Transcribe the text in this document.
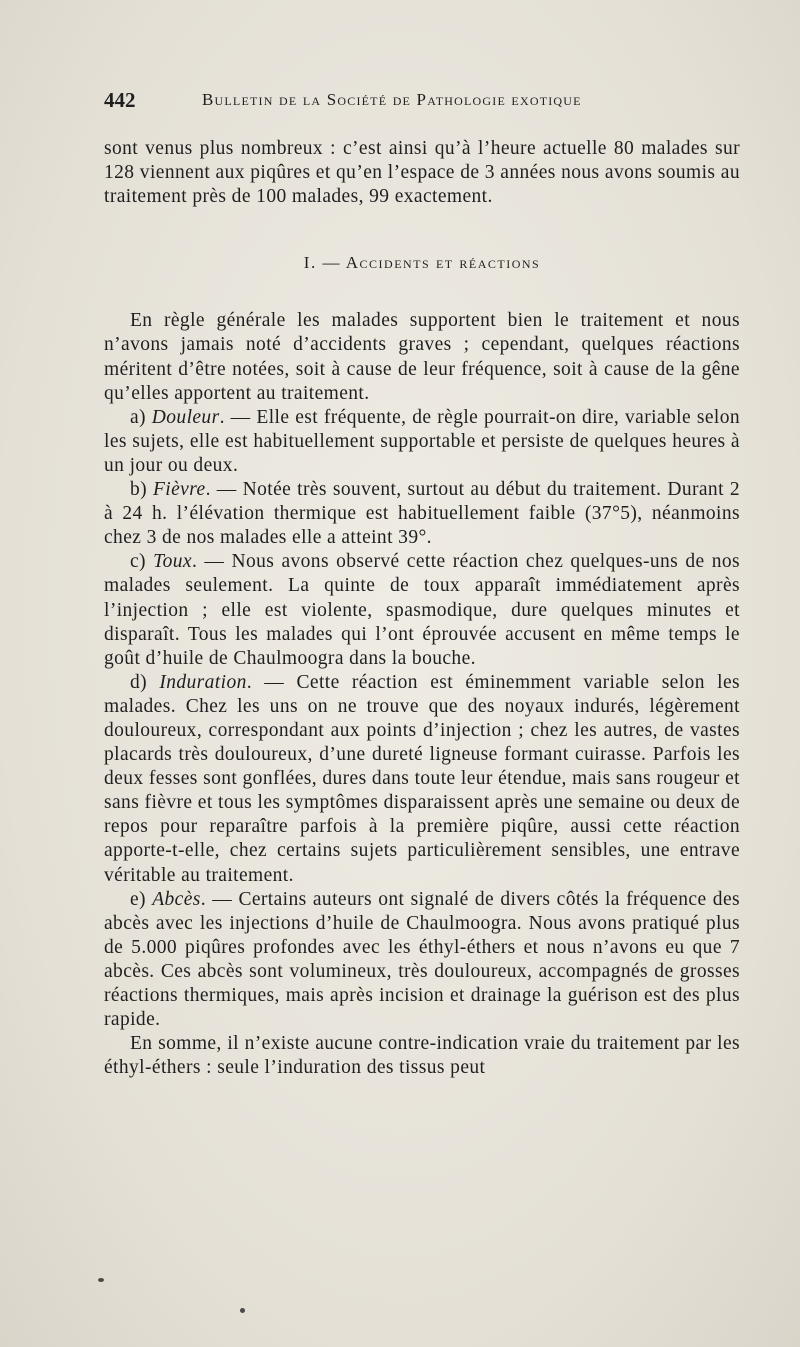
442	Bulletin de la Société de Pathologie exotique

sont venus plus nombreux : c’est ainsi qu’à l’heure actuelle 80 malades sur 128 viennent aux piqûres et qu’en l’espace de 3 années nous avons soumis au traitement près de 100 malades, 99 exactement.

I. — Accidents et réactions

En règle générale les malades supportent bien le traitement et nous n’avons jamais noté d’accidents graves ; cependant, quelques réactions méritent d’être notées, soit à cause de leur fréquence, soit à cause de la gêne qu’elles apportent au traitement.

a) Douleur. — Elle est fréquente, de règle pourrait-on dire, variable selon les sujets, elle est habituellement supportable et persiste de quelques heures à un jour ou deux.

b) Fièvre. — Notée très souvent, surtout au début du traitement. Durant 2 à 24 h. l’élévation thermique est habituellement faible (37°5), néanmoins chez 3 de nos malades elle a atteint 39°.

c) Toux. — Nous avons observé cette réaction chez quelques-uns de nos malades seulement. La quinte de toux apparaît immédiatement après l’injection ; elle est violente, spasmodique, dure quelques minutes et disparaît. Tous les malades qui l’ont éprouvée accusent en même temps le goût d’huile de Chaulmoogra dans la bouche.

d) Induration. — Cette réaction est éminemment variable selon les malades. Chez les uns on ne trouve que des noyaux indurés, légèrement douloureux, correspondant aux points d’injection ; chez les autres, de vastes placards très douloureux, d’une dureté ligneuse formant cuirasse. Parfois les deux fesses sont gonflées, dures dans toute leur étendue, mais sans rougeur et sans fièvre et tous les symptômes disparaissent après une semaine ou deux de repos pour reparaître parfois à la première piqûre, aussi cette réaction apporte-t-elle, chez certains sujets particulièrement sensibles, une entrave véritable au traitement.

e) Abcès. — Certains auteurs ont signalé de divers côtés la fréquence des abcès avec les injections d’huile de Chaulmoogra. Nous avons pratiqué plus de 5.000 piqûres profondes avec les éthyl-éthers et nous n’avons eu que 7 abcès. Ces abcès sont volumineux, très douloureux, accompagnés de grosses réactions thermiques, mais après incision et drainage la guérison est des plus rapide.

En somme, il n’existe aucune contre-indication vraie du traitement par les éthyl-éthers : seule l’induration des tissus peut
